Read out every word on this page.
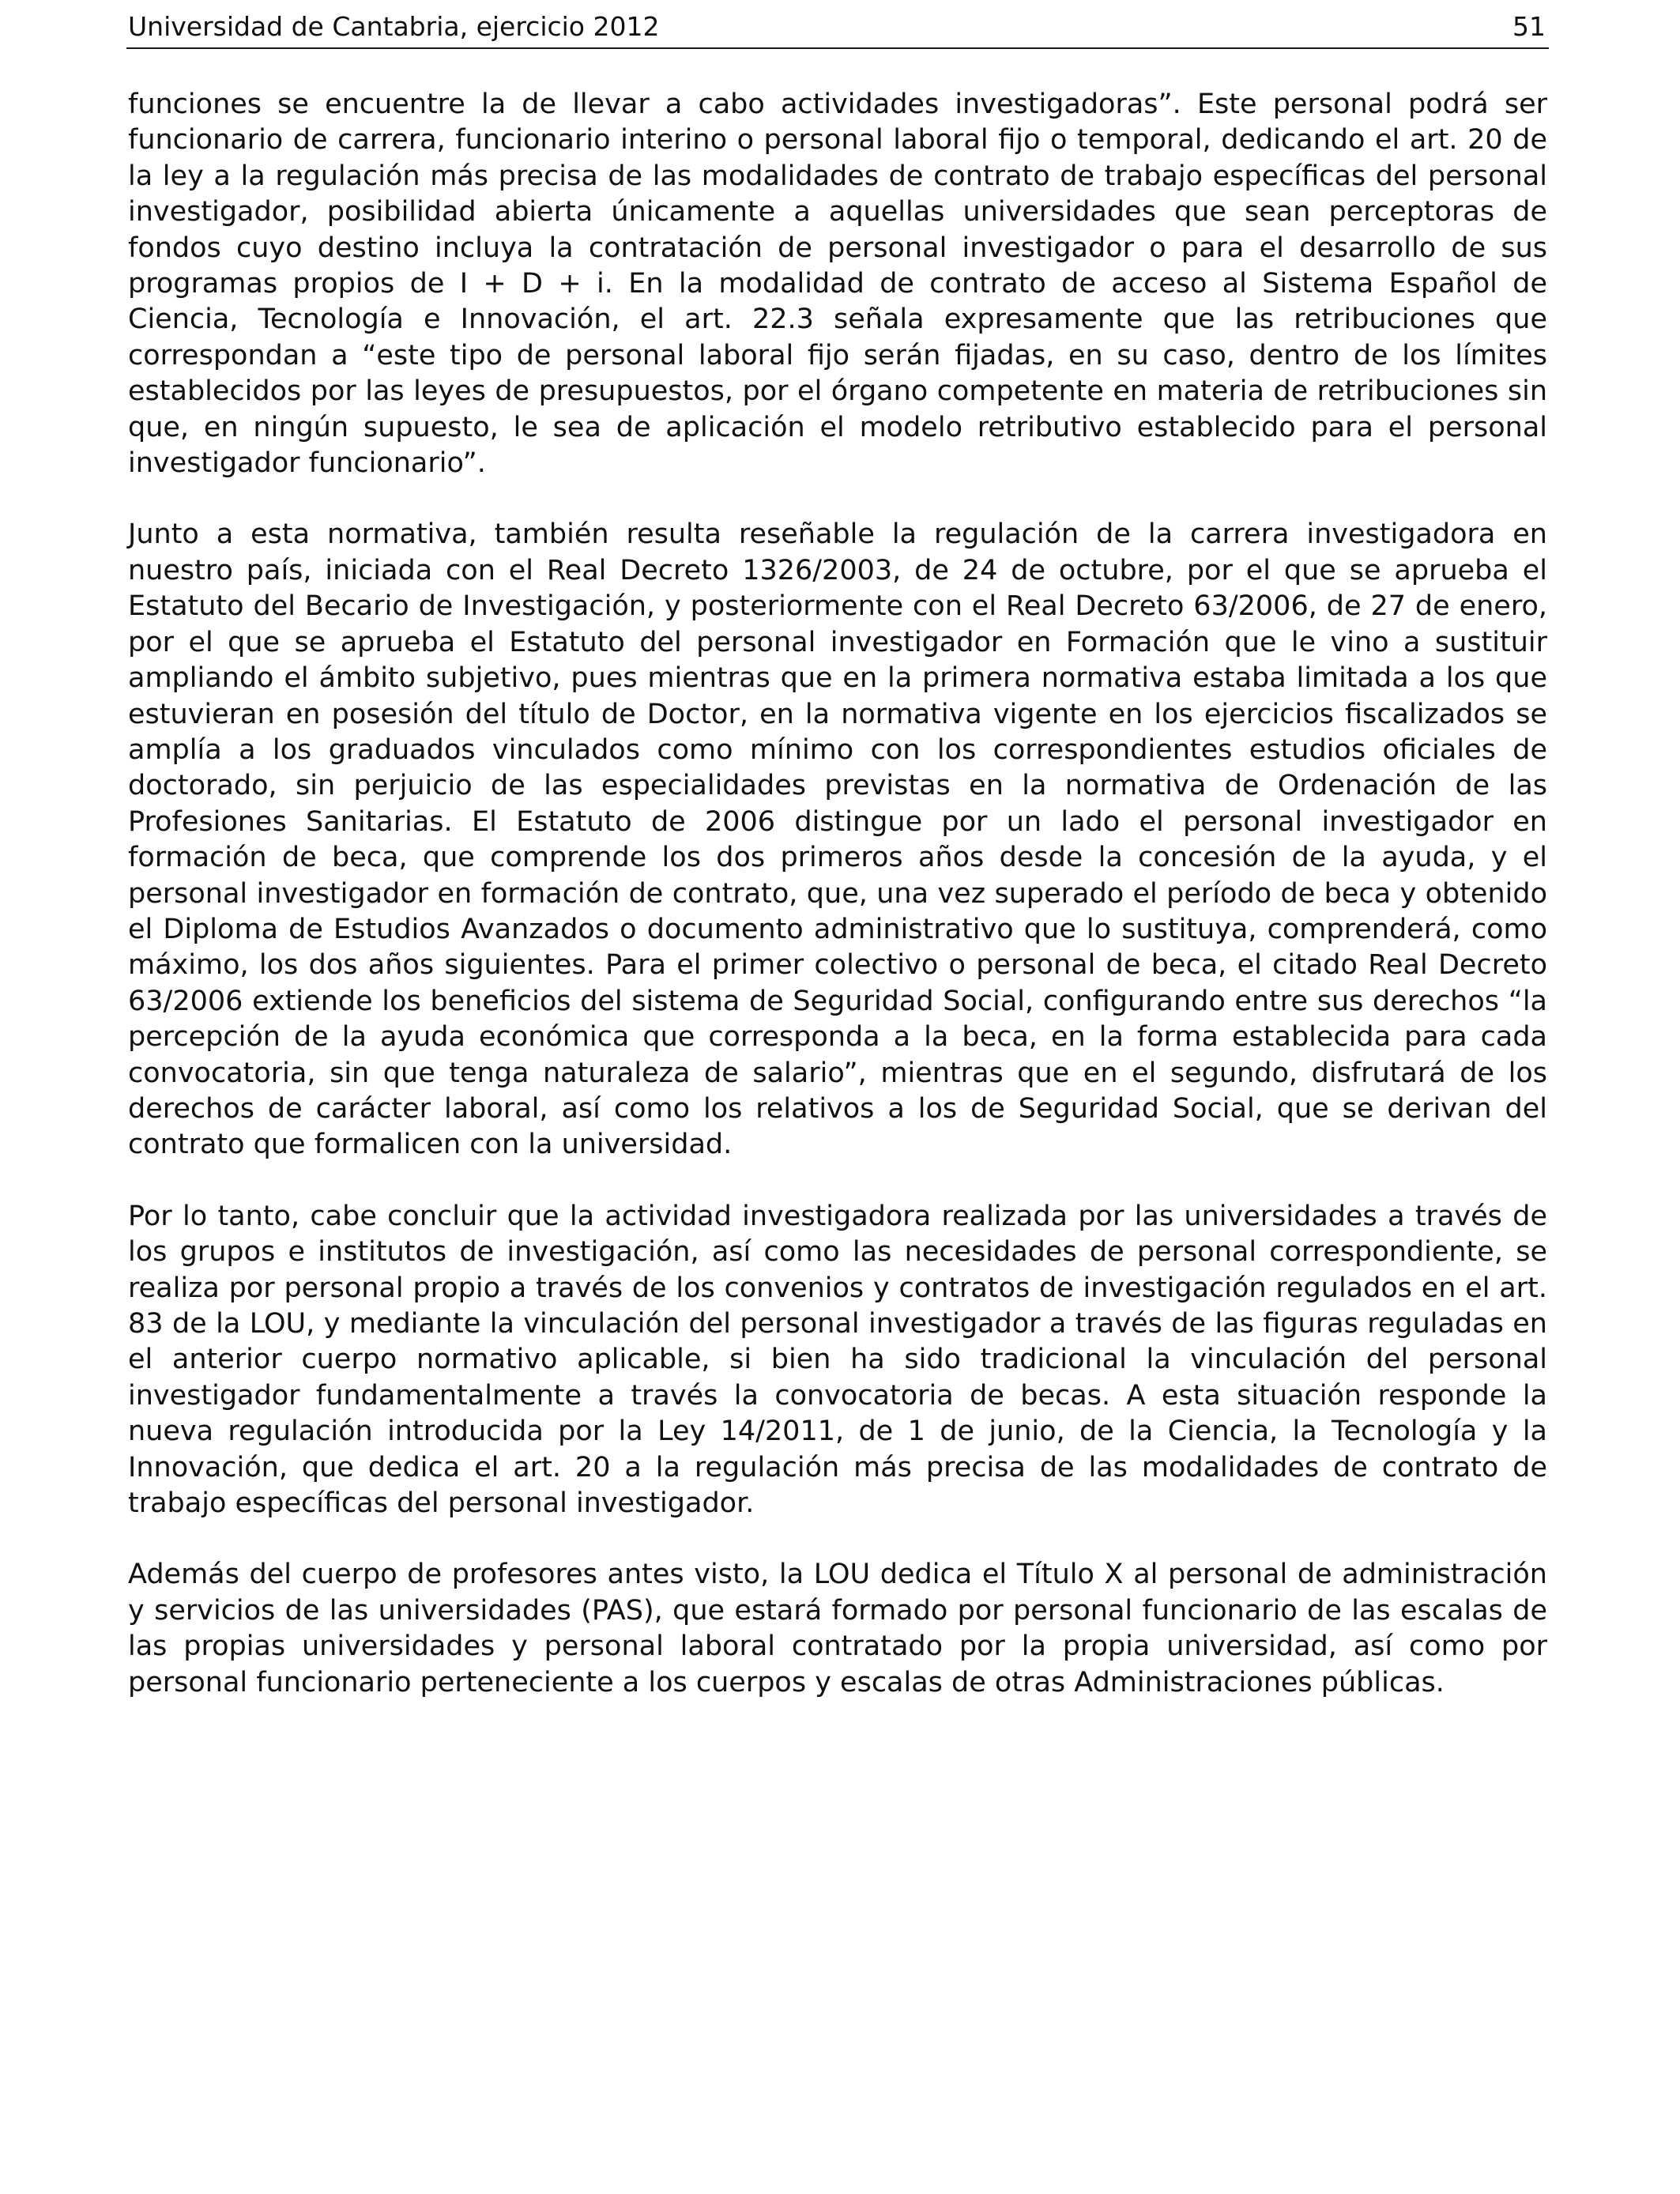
Universidad de Cantabria, ejercicio 2012	51

funciones se encuentre la de llevar a cabo actividades investigadoras”. Este personal podrá ser funcionario de carrera, funcionario interino o personal laboral fijo o temporal, dedicando el art. 20 de la ley a la regulación más precisa de las modalidades de contrato de trabajo específicas del personal investigador, posibilidad abierta únicamente a aquellas universidades que sean perceptoras de fondos cuyo destino incluya la contratación de personal investigador o para el desarrollo de sus programas propios de I + D + i. En la modalidad de contrato de acceso al Sistema Español de Ciencia, Tecnología e Innovación, el art. 22.3 señala expresamente que las retribuciones que correspondan a “este tipo de personal laboral fijo serán fijadas, en su caso, dentro de los límites establecidos por las leyes de presupuestos, por el órgano competente en materia de retribuciones sin que, en ningún supuesto, le sea de aplicación el modelo retributivo establecido para el personal investigador funcionario”.

Junto a esta normativa, también resulta reseñable la regulación de la carrera investigadora en nuestro país, iniciada con el Real Decreto 1326/2003, de 24 de octubre, por el que se aprueba el Estatuto del Becario de Investigación, y posteriormente con el Real Decreto 63/2006, de 27 de enero, por el que se aprueba el Estatuto del personal investigador en Formación que le vino a sustituir ampliando el ámbito subjetivo, pues mientras que en la primera normativa estaba limitada a los que estuvieran en posesión del título de Doctor, en la normativa vigente en los ejercicios fiscalizados se amplía a los graduados vinculados como mínimo con los correspondientes estudios oficiales de doctorado, sin perjuicio de las especialidades previstas en la normativa de Ordenación de las Profesiones Sanitarias. El Estatuto de 2006 distingue por un lado el personal investigador en formación de beca, que comprende los dos primeros años desde la concesión de la ayuda, y el personal investigador en formación de contrato, que, una vez superado el período de beca y obtenido el Diploma de Estudios Avanzados o documento administrativo que lo sustituya, comprenderá, como máximo, los dos años siguientes. Para el primer colectivo o personal de beca, el citado Real Decreto 63/2006 extiende los beneficios del sistema de Seguridad Social, configurando entre sus derechos “la percepción de la ayuda económica que corresponda a la beca, en la forma establecida para cada convocatoria, sin que tenga naturaleza de salario”, mientras que en el segundo, disfrutará de los derechos de carácter laboral, así como los relativos a los de Seguridad Social, que se derivan del contrato que formalicen con la universidad.

Por lo tanto, cabe concluir que la actividad investigadora realizada por las universidades a través de los grupos e institutos de investigación, así como las necesidades de personal correspondiente, se realiza por personal propio a través de los convenios y contratos de investigación regulados en el art. 83 de la LOU, y mediante la vinculación del personal investigador a través de las figuras reguladas en el anterior cuerpo normativo aplicable, si bien ha sido tradicional la vinculación del personal investigador fundamentalmente a través la convocatoria de becas. A esta situación responde la nueva regulación introducida por la Ley 14/2011, de 1 de junio, de la Ciencia, la Tecnología y la Innovación, que dedica el art. 20 a la regulación más precisa de las modalidades de contrato de trabajo específicas del personal investigador.

Además del cuerpo de profesores antes visto, la LOU dedica el Título X al personal de administración y servicios de las universidades (PAS), que estará formado por personal funcionario de las escalas de las propias universidades y personal laboral contratado por la propia universidad, así como por personal funcionario perteneciente a los cuerpos y escalas de otras Administraciones públicas.
